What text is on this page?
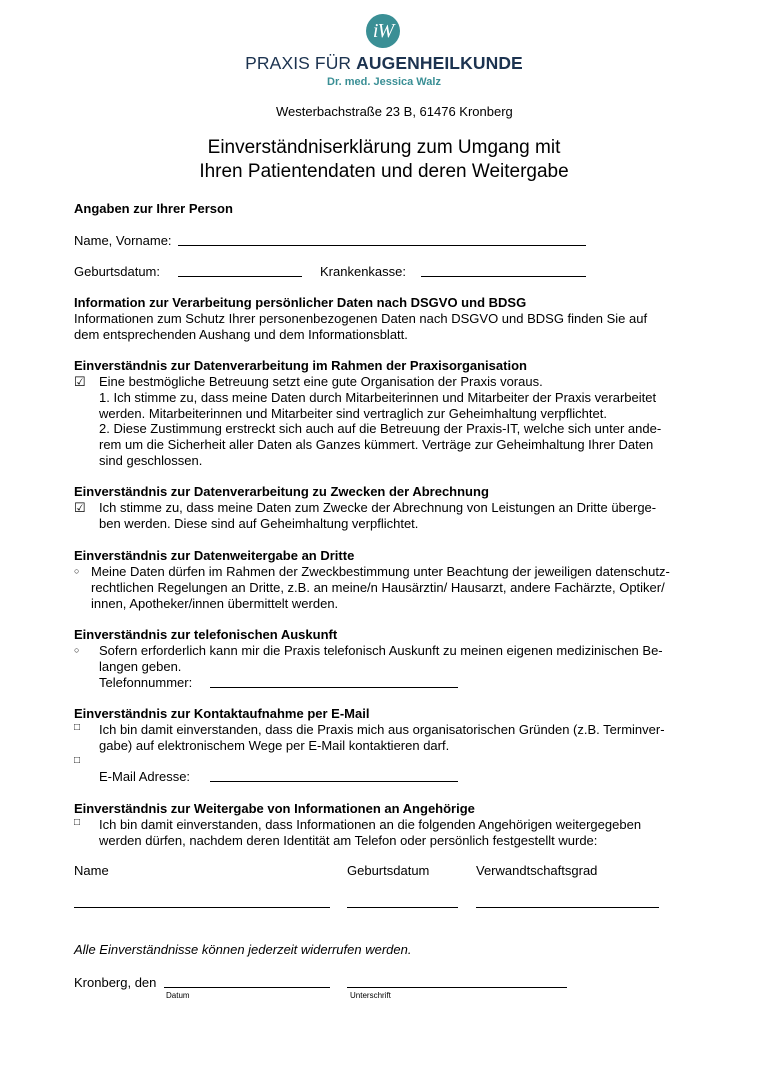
iW
PRAXIS FÜR AUGENHEILKUNDE
Dr. med. Jessica Walz
Westerbachstraße 23 B, 61476 Kronberg
Einverständniserklärung zum Umgang mit
Ihren Patientendaten und deren Weitergabe
Angaben zur Ihrer Person
Name, Vorname:
Geburtsdatum:	Krankenkasse:
Information zur Verarbeitung persönlicher Daten nach DSGVO und BDSG
Informationen zum Schutz Ihrer personenbezogenen Daten nach DSGVO und BDSG finden Sie auf
dem entsprechenden Aushang und dem Informationsblatt.
Einverständnis zur Datenverarbeitung im Rahmen der Praxisorganisation
☑ Eine bestmögliche Betreuung setzt eine gute Organisation der Praxis voraus.
1. Ich stimme zu, dass meine Daten durch Mitarbeiterinnen und Mitarbeiter der Praxis verarbeitet
werden. Mitarbeiterinnen und Mitarbeiter sind vertraglich zur Geheimhaltung verpflichtet.
2. Diese Zustimmung erstreckt sich auch auf die Betreuung der Praxis-IT, welche sich unter ande-
rem um die Sicherheit aller Daten als Ganzes kümmert. Verträge zur Geheimhaltung Ihrer Daten
sind geschlossen.
Einverständnis zur Datenverarbeitung zu Zwecken der Abrechnung
☑ Ich stimme zu, dass meine Daten zum Zwecke der Abrechnung von Leistungen an Dritte überge-
ben werden. Diese sind auf Geheimhaltung verpflichtet.
Einverständnis zur Datenweitergabe an Dritte
○ Meine Daten dürfen im Rahmen der Zweckbestimmung unter Beachtung der jeweiligen datenschutz-
rechtlichen Regelungen an Dritte, z.B. an meine/n Hausärztin/ Hausarzt, andere Fachärzte, Optiker/
innen, Apotheker/innen übermittelt werden.
Einverständnis zur telefonischen Auskunft
○ Sofern erforderlich kann mir die Praxis telefonisch Auskunft zu meinen eigenen medizinischen Be-
langen geben.
Telefonnummer:
Einverständnis zur Kontaktaufnahme per E-Mail
□ Ich bin damit einverstanden, dass die Praxis mich aus organisatorischen Gründen (z.B. Terminver-
gabe) auf elektronischem Wege per E-Mail kontaktieren darf.
□
E-Mail Adresse:
Einverständnis zur Weitergabe von Informationen an Angehörige
□ Ich bin damit einverstanden, dass Informationen an die folgenden Angehörigen weitergegeben
werden dürfen, nachdem deren Identität am Telefon oder persönlich festgestellt wurde:
Name	Geburtsdatum	Verwandtschaftsgrad
Alle Einverständnisse können jederzeit widerrufen werden.
Kronberg, den
Datum	Unterschrift
